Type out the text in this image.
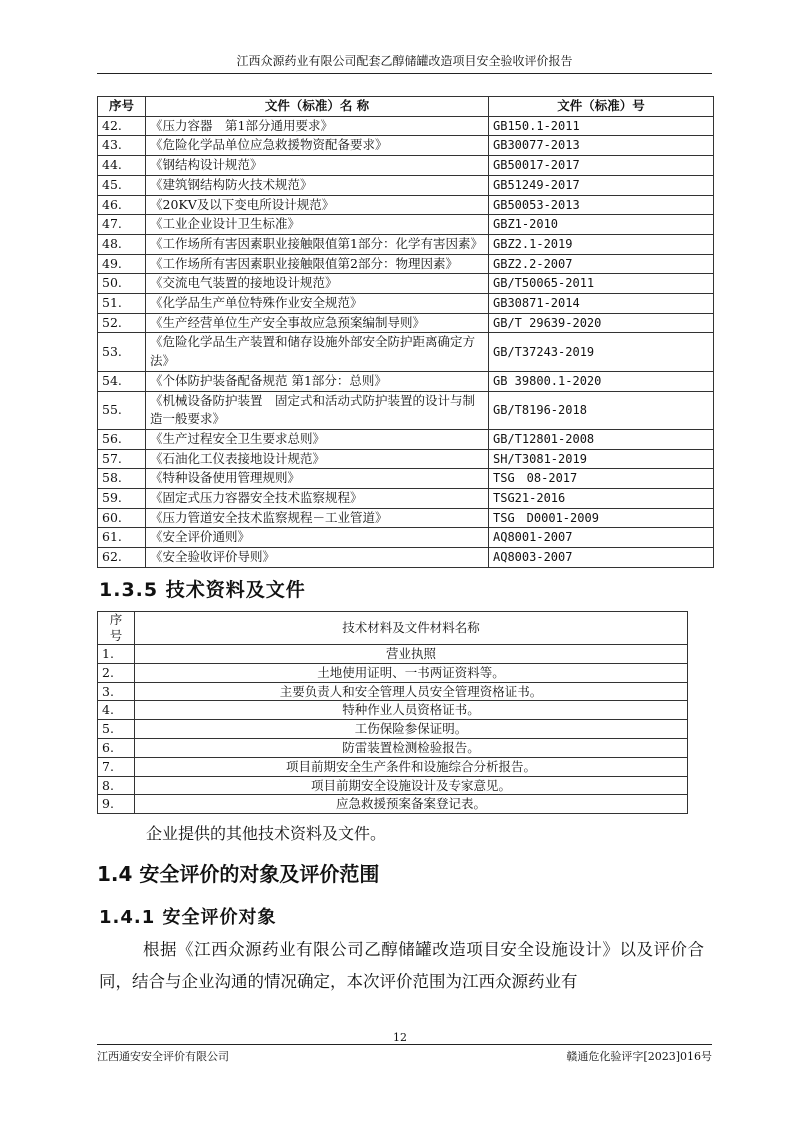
江西众源药业有限公司配套乙醇储罐改造项目安全验收评价报告
序号	文件（标准）名 称	文件（标准）号
42.	《压力容器　第1部分通用要求》	GB150.1-2011
43.	《危险化学品单位应急救援物资配备要求》	GB30077-2013
44.	《钢结构设计规范》	GB50017-2017
45.	《建筑钢结构防火技术规范》	GB51249-2017
46.	《20KV及以下变电所设计规范》	GB50053-2013
47.	《工业企业设计卫生标准》	GBZ1-2010
48.	《工作场所有害因素职业接触限值第1部分：化学有害因素》	GBZ2.1-2019
49.	《工作场所有害因素职业接触限值第2部分：物理因素》	GBZ2.2-2007
50.	《交流电气装置的接地设计规范》	GB/T50065-2011
51.	《化学品生产单位特殊作业安全规范》	GB30871-2014
52.	《生产经营单位生产安全事故应急预案编制导则》	GB/T 29639-2020
53.	《危险化学品生产装置和储存设施外部安全防护距离确定方法》	GB/T37243-2019
54.	《个体防护装备配备规范 第1部分：总则》	GB 39800.1-2020
55.	《机械设备防护装置　固定式和活动式防护装置的设计与制造一般要求》	GB/T8196-2018
56.	《生产过程安全卫生要求总则》	GB/T12801-2008
57.	《石油化工仪表接地设计规范》	SH/T3081-2019
58.	《特种设备使用管理规则》	TSG　08-2017
59.	《固定式压力容器安全技术监察规程》	TSG21-2016
60.	《压力管道安全技术监察规程－工业管道》	TSG　D0001-2009
61.	《安全评价通则》	AQ8001-2007
62.	《安全验收评价导则》	AQ8003-2007
1.3.5 技术资料及文件
序号	技术材料及文件材料名称
1.	营业执照
2.	土地使用证明、一书两证资料等。
3.	主要负责人和安全管理人员安全管理资格证书。
4.	特种作业人员资格证书。
5.	工伤保险参保证明。
6.	防雷装置检测检验报告。
7.	项目前期安全生产条件和设施综合分析报告。
8.	项目前期安全设施设计及专家意见。
9.	应急救援预案备案登记表。
企业提供的其他技术资料及文件。
1.4 安全评价的对象及评价范围
1.4.1 安全评价对象
根据《江西众源药业有限公司乙醇储罐改造项目安全设施设计》以及评价合同，结合与企业沟通的情况确定，本次评价范围为江西众源药业有
12
江西通安安全评价有限公司	赣通危化验评字[2023]016号
